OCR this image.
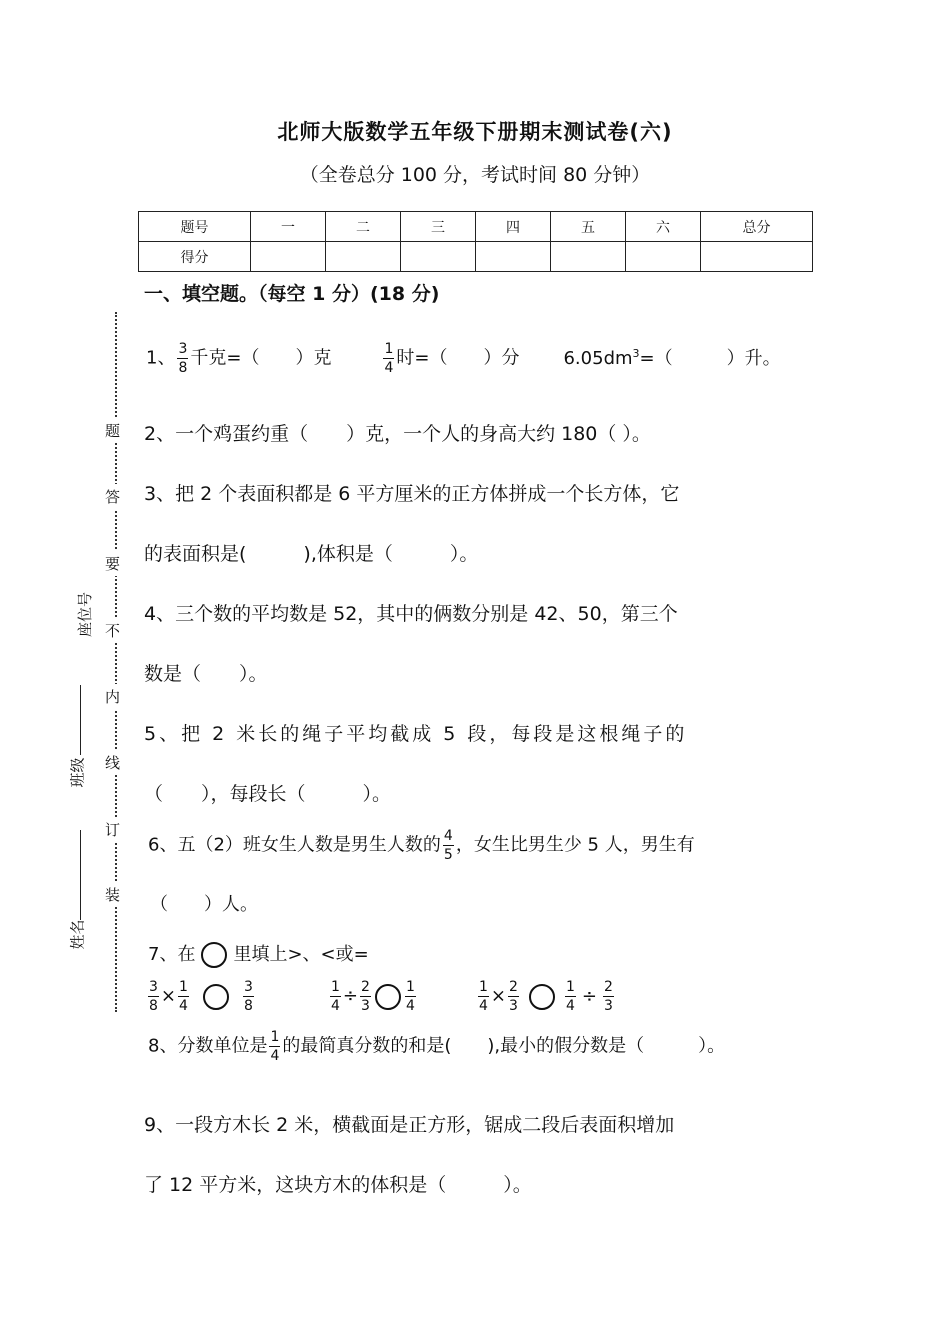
北师大版数学五年级下册期末测试卷(六)
（全卷总分 100 分，考试时间 80 分钟）
题号	一	二	三	四	五	六	总分
得分							
一、填空题。（每空 1 分）(18 分)
1、 $\frac{3}{8}$ 千克=（　　）克	$\frac{1}{4}$ 时=（　　）分 $6.05dm^3=$（　　　）升。
2、一个鸡蛋约重（　　）克，一个人的身高大约 180（ ）。
3、把 2 个表面积都是 6 平方厘米的正方体拼成一个长方体，它
的表面积是(　　　),体积是（　　　）。
4、三个数的平均数是 52，其中的俩数分别是 42、50，第三个
数是（　　）。
5、把 2 米长的绳子平均截成 5 段，每段是这根绳子的
（　　），每段长（　　　）。
6、五（2）班女生人数是男生人数的 $\frac{4}{5}$ ，女生比男生少 5 人，男生有
（　　）人。
7、在 里填上>、<或=
$\frac{3}{8} \times \frac{1}{4}$	$\frac{3}{8}$	$\frac{1}{4} \div \frac{2}{3} \frac{1}{4}$	$\frac{1}{4} \times \frac{2}{3}$	$\frac{1}{4} \div \frac{2}{3}$
8、分数单位是 $\frac{1}{4}$ 的最简真分数的和是(　　),最小的假分数是（　　　）。
9、一段方木长 2 米，横截面是正方形，锯成二段后表面积增加
了 12 平方米，这块方木的体积是（　　　）。
题
答
要
不
内
线
订
装
座位号
班级
姓名
